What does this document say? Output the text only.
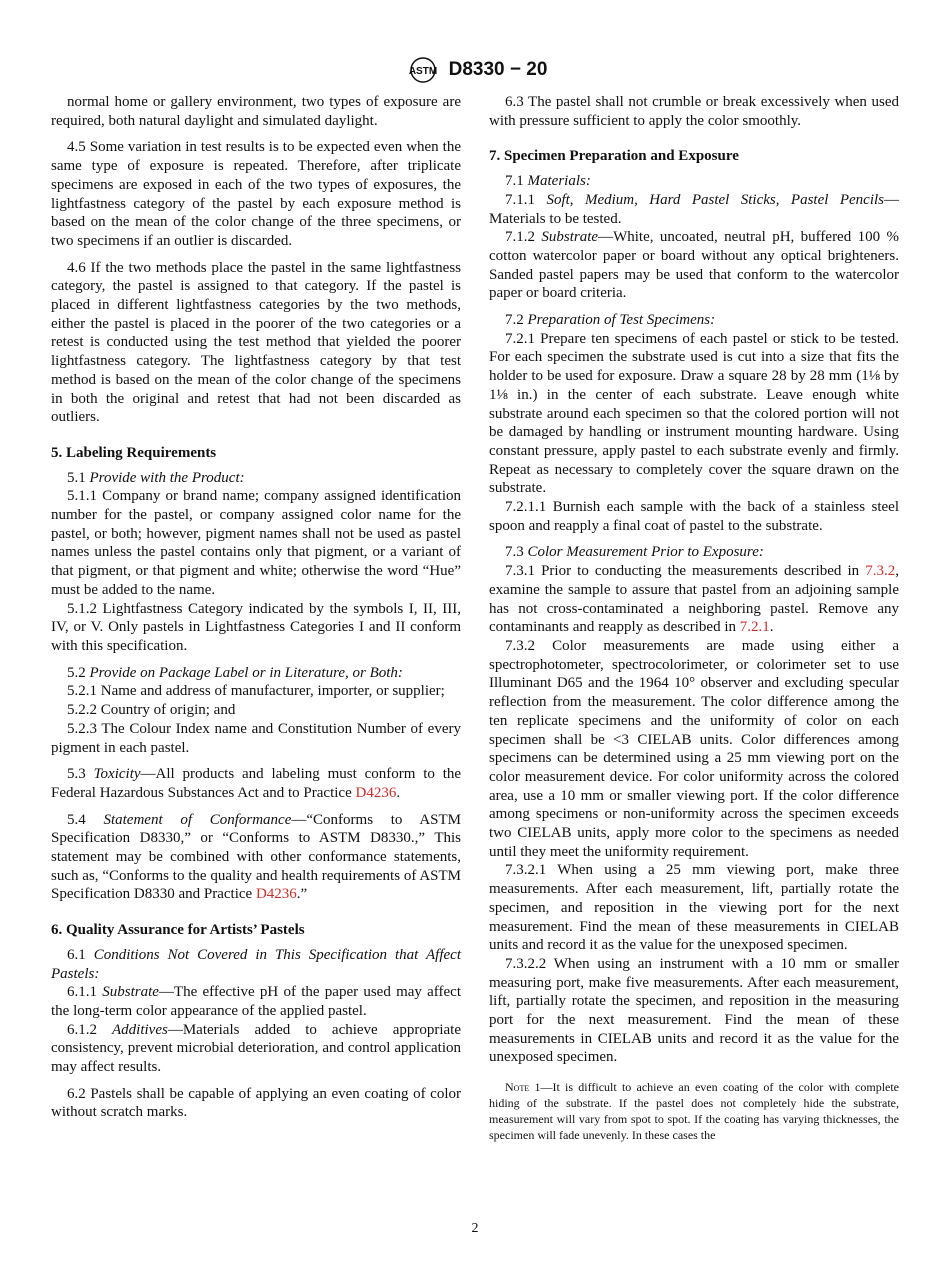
ASTM D8330 − 20

normal home or gallery environment, two types of exposure are required, both natural daylight and simulated daylight.

4.5 Some variation in test results is to be expected even when the same type of exposure is repeated. Therefore, after triplicate specimens are exposed in each of the two types of exposures, the lightfastness category of the pastel by each exposure method is based on the mean of the color change of the three specimens, or two specimens if an outlier is discarded.

4.6 If the two methods place the pastel in the same lightfastness category, the pastel is assigned to that category. If the pastel is placed in different lightfastness categories by the two methods, either the pastel is placed in the poorer of the two categories or a retest is conducted using the test method that yielded the poorer lightfastness category. The lightfastness category by that test method is based on the mean of the color change of the specimens in both the original and retest that had not been discarded as outliers.

5. Labeling Requirements

5.1 Provide with the Product:

5.1.1 Company or brand name; company assigned identification number for the pastel, or company assigned color name for the pastel, or both; however, pigment names shall not be used as pastel names unless the pastel contains only that pigment, or a variant of that pigment, or that pigment and white; otherwise the word “Hue” must be added to the name.

5.1.2 Lightfastness Category indicated by the symbols I, II, III, IV, or V. Only pastels in Lightfastness Categories I and II conform with this specification.

5.2 Provide on Package Label or in Literature, or Both:

5.2.1 Name and address of manufacturer, importer, or supplier;

5.2.2 Country of origin; and

5.2.3 The Colour Index name and Constitution Number of every pigment in each pastel.

5.3 Toxicity—All products and labeling must conform to the Federal Hazardous Substances Act and to Practice D4236.

5.4 Statement of Conformance—“Conforms to ASTM Specification D8330,” or “Conforms to ASTM D8330.,” This statement may be combined with other conformance statements, such as, “Conforms to the quality and health requirements of ASTM Specification D8330 and Practice D4236.”

6. Quality Assurance for Artists’ Pastels

6.1 Conditions Not Covered in This Specification that Affect Pastels:

6.1.1 Substrate—The effective pH of the paper used may affect the long-term color appearance of the applied pastel.

6.1.2 Additives—Materials added to achieve appropriate consistency, prevent microbial deterioration, and control application may affect results.

6.2 Pastels shall be capable of applying an even coating of color without scratch marks.

6.3 The pastel shall not crumble or break excessively when used with pressure sufficient to apply the color smoothly.

7. Specimen Preparation and Exposure

7.1 Materials:

7.1.1 Soft, Medium, Hard Pastel Sticks, Pastel Pencils—Materials to be tested.

7.1.2 Substrate—White, uncoated, neutral pH, buffered 100 % cotton watercolor paper or board without any optical brighteners. Sanded pastel papers may be used that conform to the watercolor paper or board criteria.

7.2 Preparation of Test Specimens:

7.2.1 Prepare ten specimens of each pastel or stick to be tested. For each specimen the substrate used is cut into a size that fits the holder to be used for exposure. Draw a square 28 by 28 mm (1⅛ by 1⅛ in.) in the center of each substrate. Leave enough white substrate around each specimen so that the colored portion will not be damaged by handling or instrument mounting hardware. Using constant pressure, apply pastel to each substrate evenly and firmly. Repeat as necessary to completely cover the square drawn on the substrate.

7.2.1.1 Burnish each sample with the back of a stainless steel spoon and reapply a final coat of pastel to the substrate.

7.3 Color Measurement Prior to Exposure:

7.3.1 Prior to conducting the measurements described in 7.3.2, examine the sample to assure that pastel from an adjoining sample has not cross-contaminated a neighboring pastel. Remove any contaminants and reapply as described in 7.2.1.

7.3.2 Color measurements are made using either a spectrophotometer, spectrocolorimeter, or colorimeter set to use Illuminant D65 and the 1964 10° observer and excluding specular reflection from the measurement. The color difference among the ten replicate specimens and the uniformity of color on each specimen shall be <3 CIELAB units. Color differences among specimens can be determined using a 25 mm viewing port on the color measurement device. For color uniformity across the colored area, use a 10 mm or smaller viewing port. If the color difference among specimens or non-uniformity across the specimen exceeds two CIELAB units, apply more color to the specimens as needed until they meet the uniformity requirement.

7.3.2.1 When using a 25 mm viewing port, make three measurements. After each measurement, lift, partially rotate the specimen, and reposition in the viewing port for the next measurement. Find the mean of these measurements in CIELAB units and record it as the value for the unexposed specimen.

7.3.2.2 When using an instrument with a 10 mm or smaller measuring port, make five measurements. After each measurement, lift, partially rotate the specimen, and reposition in the measuring port for the next measurement. Find the mean of these measurements in CIELAB units and record it as the value for the unexposed specimen.

Note 1—It is difficult to achieve an even coating of the color with complete hiding of the substrate. If the pastel does not completely hide the substrate, measurement will vary from spot to spot. If the coating has varying thicknesses, the specimen will fade unevenly. In these cases the
2
